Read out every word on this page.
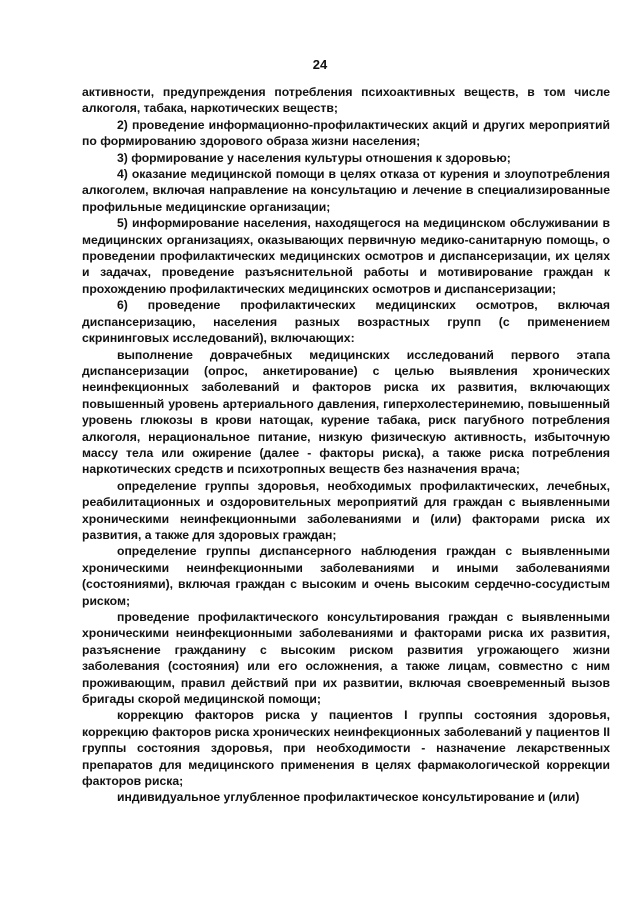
24

активности, предупреждения потребления психоактивных веществ, в том числе алкоголя, табака, наркотических веществ;

2) проведение информационно-профилактических акций и других мероприятий по формированию здорового образа жизни населения;

3) формирование у населения культуры отношения к здоровью;

4) оказание медицинской помощи в целях отказа от курения и злоупотребления алкоголем, включая направление на консультацию и лечение в специализированные профильные медицинские организации;

5) информирование населения, находящегося на медицинском обслуживании в медицинских организациях, оказывающих первичную медико-санитарную помощь, о проведении профилактических медицинских осмотров и диспансеризации, их целях и задачах, проведение разъяснительной работы и мотивирование граждан к прохождению профилактических медицинских осмотров и диспансеризации;

6) проведение профилактических медицинских осмотров, включая диспансеризацию, населения разных возрастных групп (с применением скрининговых исследований), включающих:

выполнение доврачебных медицинских исследований первого этапа диспансеризации (опрос, анкетирование) с целью выявления хронических неинфекционных заболеваний и факторов риска их развития, включающих повышенный уровень артериального давления, гиперхолестеринемию, повышенный уровень глюкозы в крови натощак, курение табака, риск пагубного потребления алкоголя, нерациональное питание, низкую физическую активность, избыточную массу тела или ожирение (далее - факторы риска), а также риска потребления наркотических средств и психотропных веществ без назначения врача;

определение группы здоровья, необходимых профилактических, лечебных, реабилитационных и оздоровительных мероприятий для граждан с выявленными хроническими неинфекционными заболеваниями и (или) факторами риска их развития, а также для здоровых граждан;

определение группы диспансерного наблюдения граждан с выявленными хроническими неинфекционными заболеваниями и иными заболеваниями (состояниями), включая граждан с высоким и очень высоким сердечно-сосудистым риском;

проведение профилактического консультирования граждан с выявленными хроническими неинфекционными заболеваниями и факторами риска их развития, разъяснение гражданину с высоким риском развития угрожающего жизни заболевания (состояния) или его осложнения, а также лицам, совместно с ним проживающим, правил действий при их развитии, включая своевременный вызов бригады скорой медицинской помощи;

коррекцию факторов риска у пациентов I группы состояния здоровья, коррекцию факторов риска хронических неинфекционных заболеваний у пациентов II группы состояния здоровья, при необходимости - назначение лекарственных препаратов для медицинского применения в целях фармакологической коррекции факторов риска;

индивидуальное углубленное профилактическое консультирование и (или)
